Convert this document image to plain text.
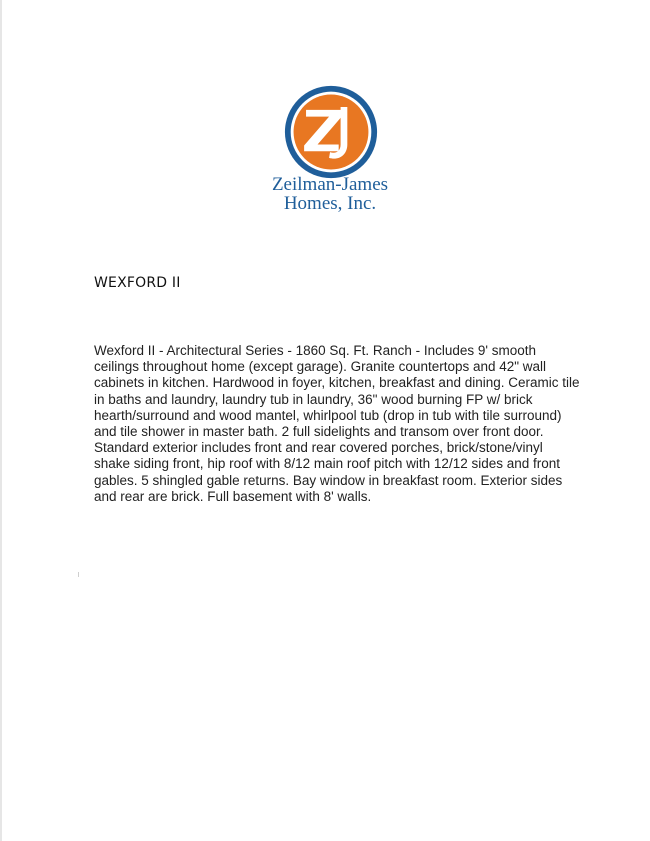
Zeilman-James
Homes, Inc.
WEXFORD II
Wexford II - Architectural Series - 1860 Sq. Ft. Ranch - Includes 9' smooth ceilings throughout home (except garage). Granite countertops and 42" wall cabinets in kitchen. Hardwood in foyer, kitchen, breakfast and dining. Ceramic tile in baths and laundry, laundry tub in laundry, 36" wood burning FP w/ brick hearth/surround and wood mantel, whirlpool tub (drop in tub with tile surround) and tile shower in master bath. 2 full sidelights and transom over front door. Standard exterior includes front and rear covered porches, brick/stone/vinyl shake siding front, hip roof with 8/12 main roof pitch with 12/12 sides and front gables. 5 shingled gable returns. Bay window in breakfast room. Exterior sides and rear are brick. Full basement with 8' walls.
